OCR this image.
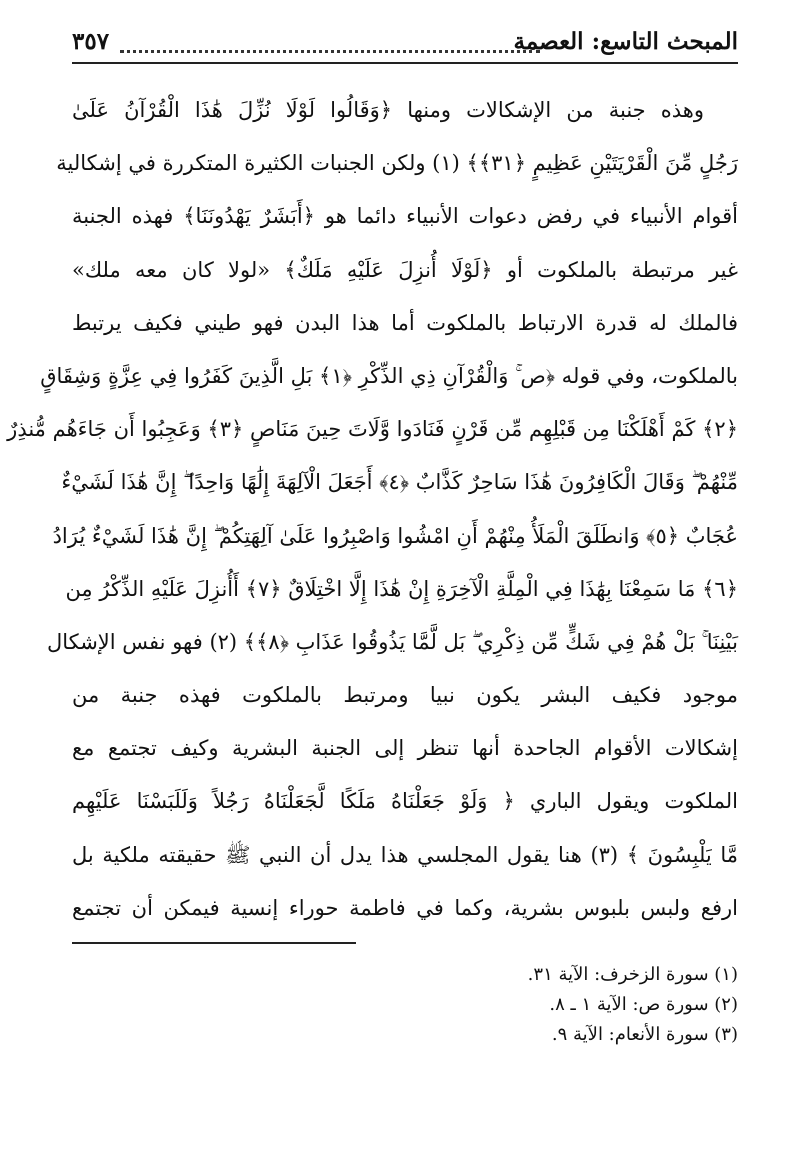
المبحث التاسع: العصمة
٣٥٧
وهذه جنبة من الإشكالات ومنها ﴿وَقَالُوا لَوْلَا نُزِّلَ هَٰذَا الْقُرْآنُ عَلَىٰ
رَجُلٍ مِّنَ الْقَرْيَتَيْنِ عَظِيمٍ ﴿٣١﴾﴾ (١) ولكن الجنبات الكثيرة المتكررة في إشكالية
أقوام الأنبياء في رفض دعوات الأنبياء دائما هو ﴿أَبَشَرٌ يَهْدُونَنَا﴾ فهذه الجنبة
غير مرتبطة بالملكوت أو ﴿لَوْلَا أُنزِلَ عَلَيْهِ مَلَكٌ﴾ «لولا كان معه ملك»
فالملك له قدرة الارتباط بالملكوت أما هذا البدن فهو طيني فكيف يرتبط
بالملكوت، وفي قوله ﴿ص ۚ وَالْقُرْآنِ ذِي الذِّكْرِ ﴿١﴾ بَلِ الَّذِينَ كَفَرُوا فِي عِزَّةٍ وَشِقَاقٍ
﴿٢﴾ كَمْ أَهْلَكْنَا مِن قَبْلِهِم مِّن قَرْنٍ فَنَادَوا وَّلَاتَ حِينَ مَنَاصٍ ﴿٣﴾ وَعَجِبُوا أَن جَاءَهُم مُّنذِرٌ
مِّنْهُمْ ۖ وَقَالَ الْكَافِرُونَ هَٰذَا سَاحِرٌ كَذَّابٌ ﴿٤﴾ أَجَعَلَ الْآلِهَةَ إِلَٰهًا وَاحِدًا ۖ إِنَّ هَٰذَا لَشَيْءٌ
عُجَابٌ ﴿٥﴾ وَانطَلَقَ الْمَلَأُ مِنْهُمْ أَنِ امْشُوا وَاصْبِرُوا عَلَىٰ آلِهَتِكُمْ ۖ إِنَّ هَٰذَا لَشَيْءٌ يُرَادُ
﴿٦﴾ مَا سَمِعْنَا بِهَٰذَا فِي الْمِلَّةِ الْآخِرَةِ إِنْ هَٰذَا إِلَّا اخْتِلَاقٌ ﴿٧﴾ أَأُنزِلَ عَلَيْهِ الذِّكْرُ مِن
بَيْنِنَا ۚ بَلْ هُمْ فِي شَكٍّ مِّن ذِكْرِي ۖ بَل لَّمَّا يَذُوقُوا عَذَابِ ﴿٨﴾﴾ (٢) فهو نفس الإشكال
موجود فكيف البشر يكون نبيا ومرتبط بالملكوت فهذه جنبة من
إشكالات الأقوام الجاحدة أنها تنظر إلى الجنبة البشرية وكيف تجتمع مع
الملكوت ويقول الباري ﴿ وَلَوْ جَعَلْنَاهُ مَلَكًا لَّجَعَلْنَاهُ رَجُلاً وَلَلَبَسْنَا عَلَيْهِم
مَّا يَلْبِسُونَ ﴾ (٣) هنا يقول المجلسي هذا يدل أن النبي ﷺ حقيقته ملكية بل
ارفع ولبس بلبوس بشرية، وكما في فاطمة حوراء إنسية فيمكن أن تجتمع
(١) سورة الزخرف: الآية ٣١.
(٢) سورة ص: الآية ١ ـ ٨.
(٣) سورة الأنعام: الآية ٩.
